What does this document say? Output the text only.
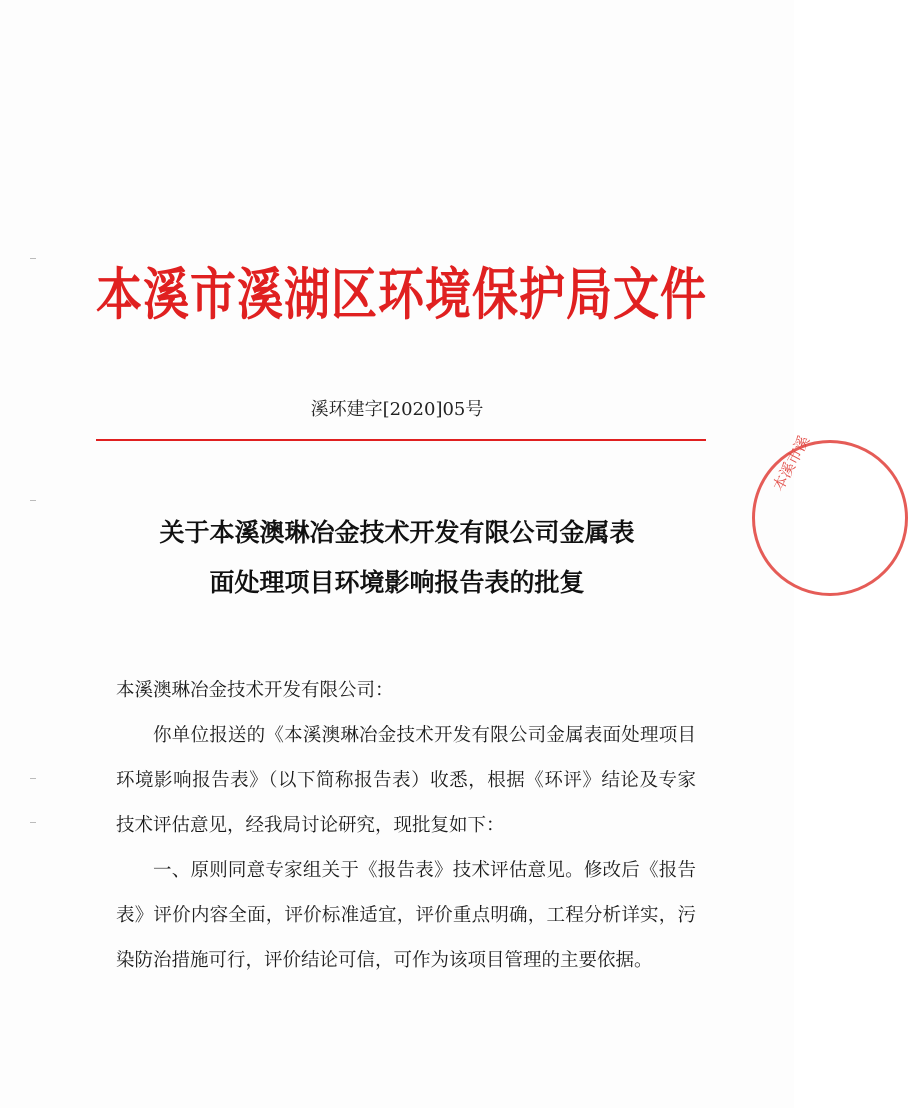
本溪市溪湖区环境保护局文件
溪环建字[2020]05号
本溪市溪
关于本溪澳琳冶金技术开发有限公司金属表
面处理项目环境影响报告表的批复

本溪澳琳冶金技术开发有限公司：

你单位报送的《本溪澳琳冶金技术开发有限公司金属表面处理项目环境影响报告表》（以下简称报告表）收悉，根据《环评》结论及专家技术评估意见，经我局讨论研究，现批复如下：

一、原则同意专家组关于《报告表》技术评估意见。修改后《报告表》评价内容全面，评价标准适宜，评价重点明确，工程分析详实，污染防治措施可行，评价结论可信，可作为该项目管理的主要依据。
